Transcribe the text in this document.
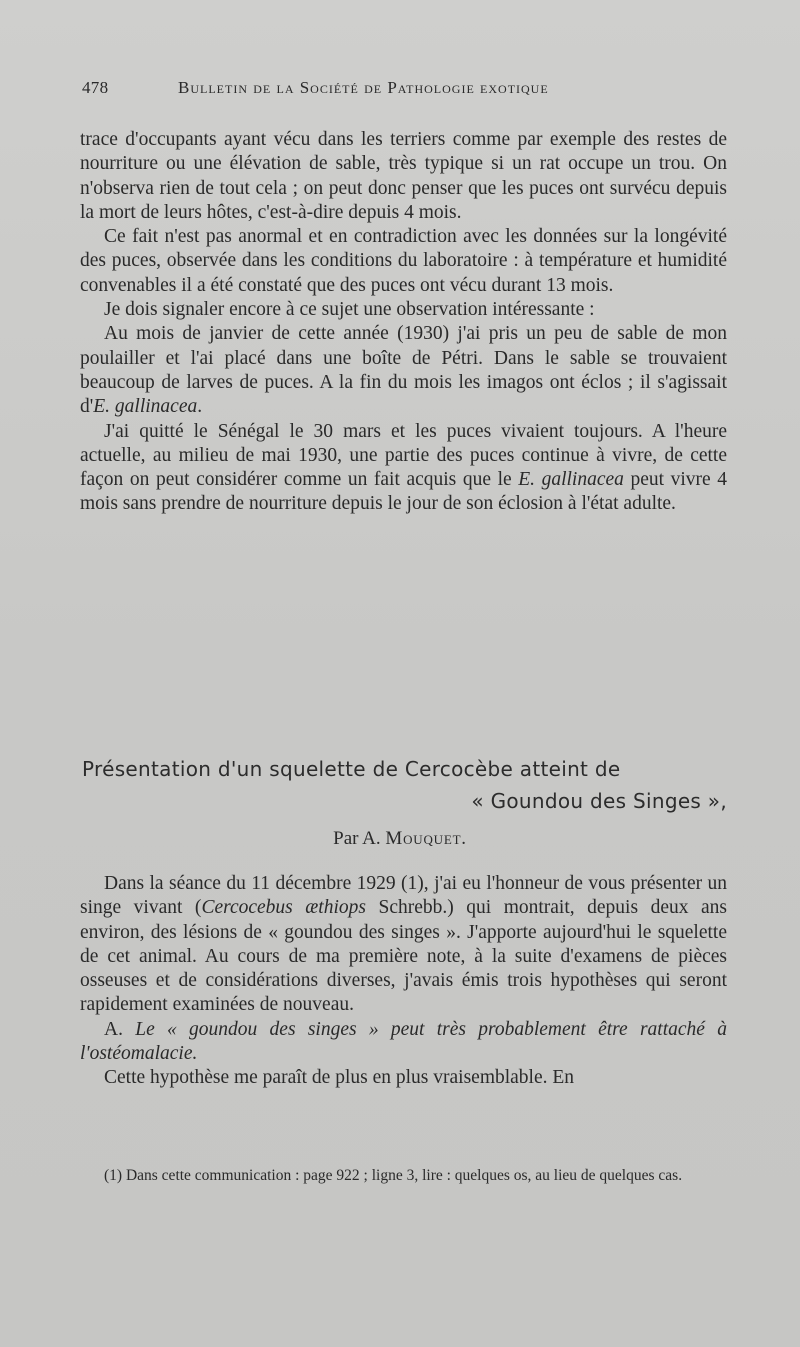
478	Bulletin de la Société de Pathologie exotique

trace d'occupants ayant vécu dans les terriers comme par exemple des restes de nourriture ou une élévation de sable, très typique si un rat occupe un trou. On n'observa rien de tout cela ; on peut donc penser que les puces ont survécu depuis la mort de leurs hôtes, c'est-à-dire depuis 4 mois.

Ce fait n'est pas anormal et en contradiction avec les données sur la longévité des puces, observée dans les conditions du laboratoire : à température et humidité convenables il a été constaté que des puces ont vécu durant 13 mois.

Je dois signaler encore à ce sujet une observation intéressante :

Au mois de janvier de cette année (1930) j'ai pris un peu de sable de mon poulailler et l'ai placé dans une boîte de Pétri. Dans le sable se trouvaient beaucoup de larves de puces. A la fin du mois les imagos ont éclos ; il s'agissait d'E. gallinacea.

J'ai quitté le Sénégal le 30 mars et les puces vivaient toujours. A l'heure actuelle, au milieu de mai 1930, une partie des puces continue à vivre, de cette façon on peut considérer comme un fait acquis que le E. gallinacea peut vivre 4 mois sans prendre de nourriture depuis le jour de son éclosion à l'état adulte.

Présentation d'un squelette de Cercocèbe atteint de
« Goundou des Singes »,
Par A. Mouquet.

Dans la séance du 11 décembre 1929 (1), j'ai eu l'honneur de vous présenter un singe vivant (Cercocebus æthiops Schrebb.) qui montrait, depuis deux ans environ, des lésions de « goundou des singes ». J'apporte aujourd'hui le squelette de cet animal. Au cours de ma première note, à la suite d'examens de pièces osseuses et de considérations diverses, j'avais émis trois hypothèses qui seront rapidement examinées de nouveau.

A. Le « goundou des singes » peut très probablement être rattaché à l'ostéomalacie.

Cette hypothèse me paraît de plus en plus vraisemblable. En

(1) Dans cette communication : page 922 ; ligne 3, lire : quelques os, au lieu de quelques cas.
